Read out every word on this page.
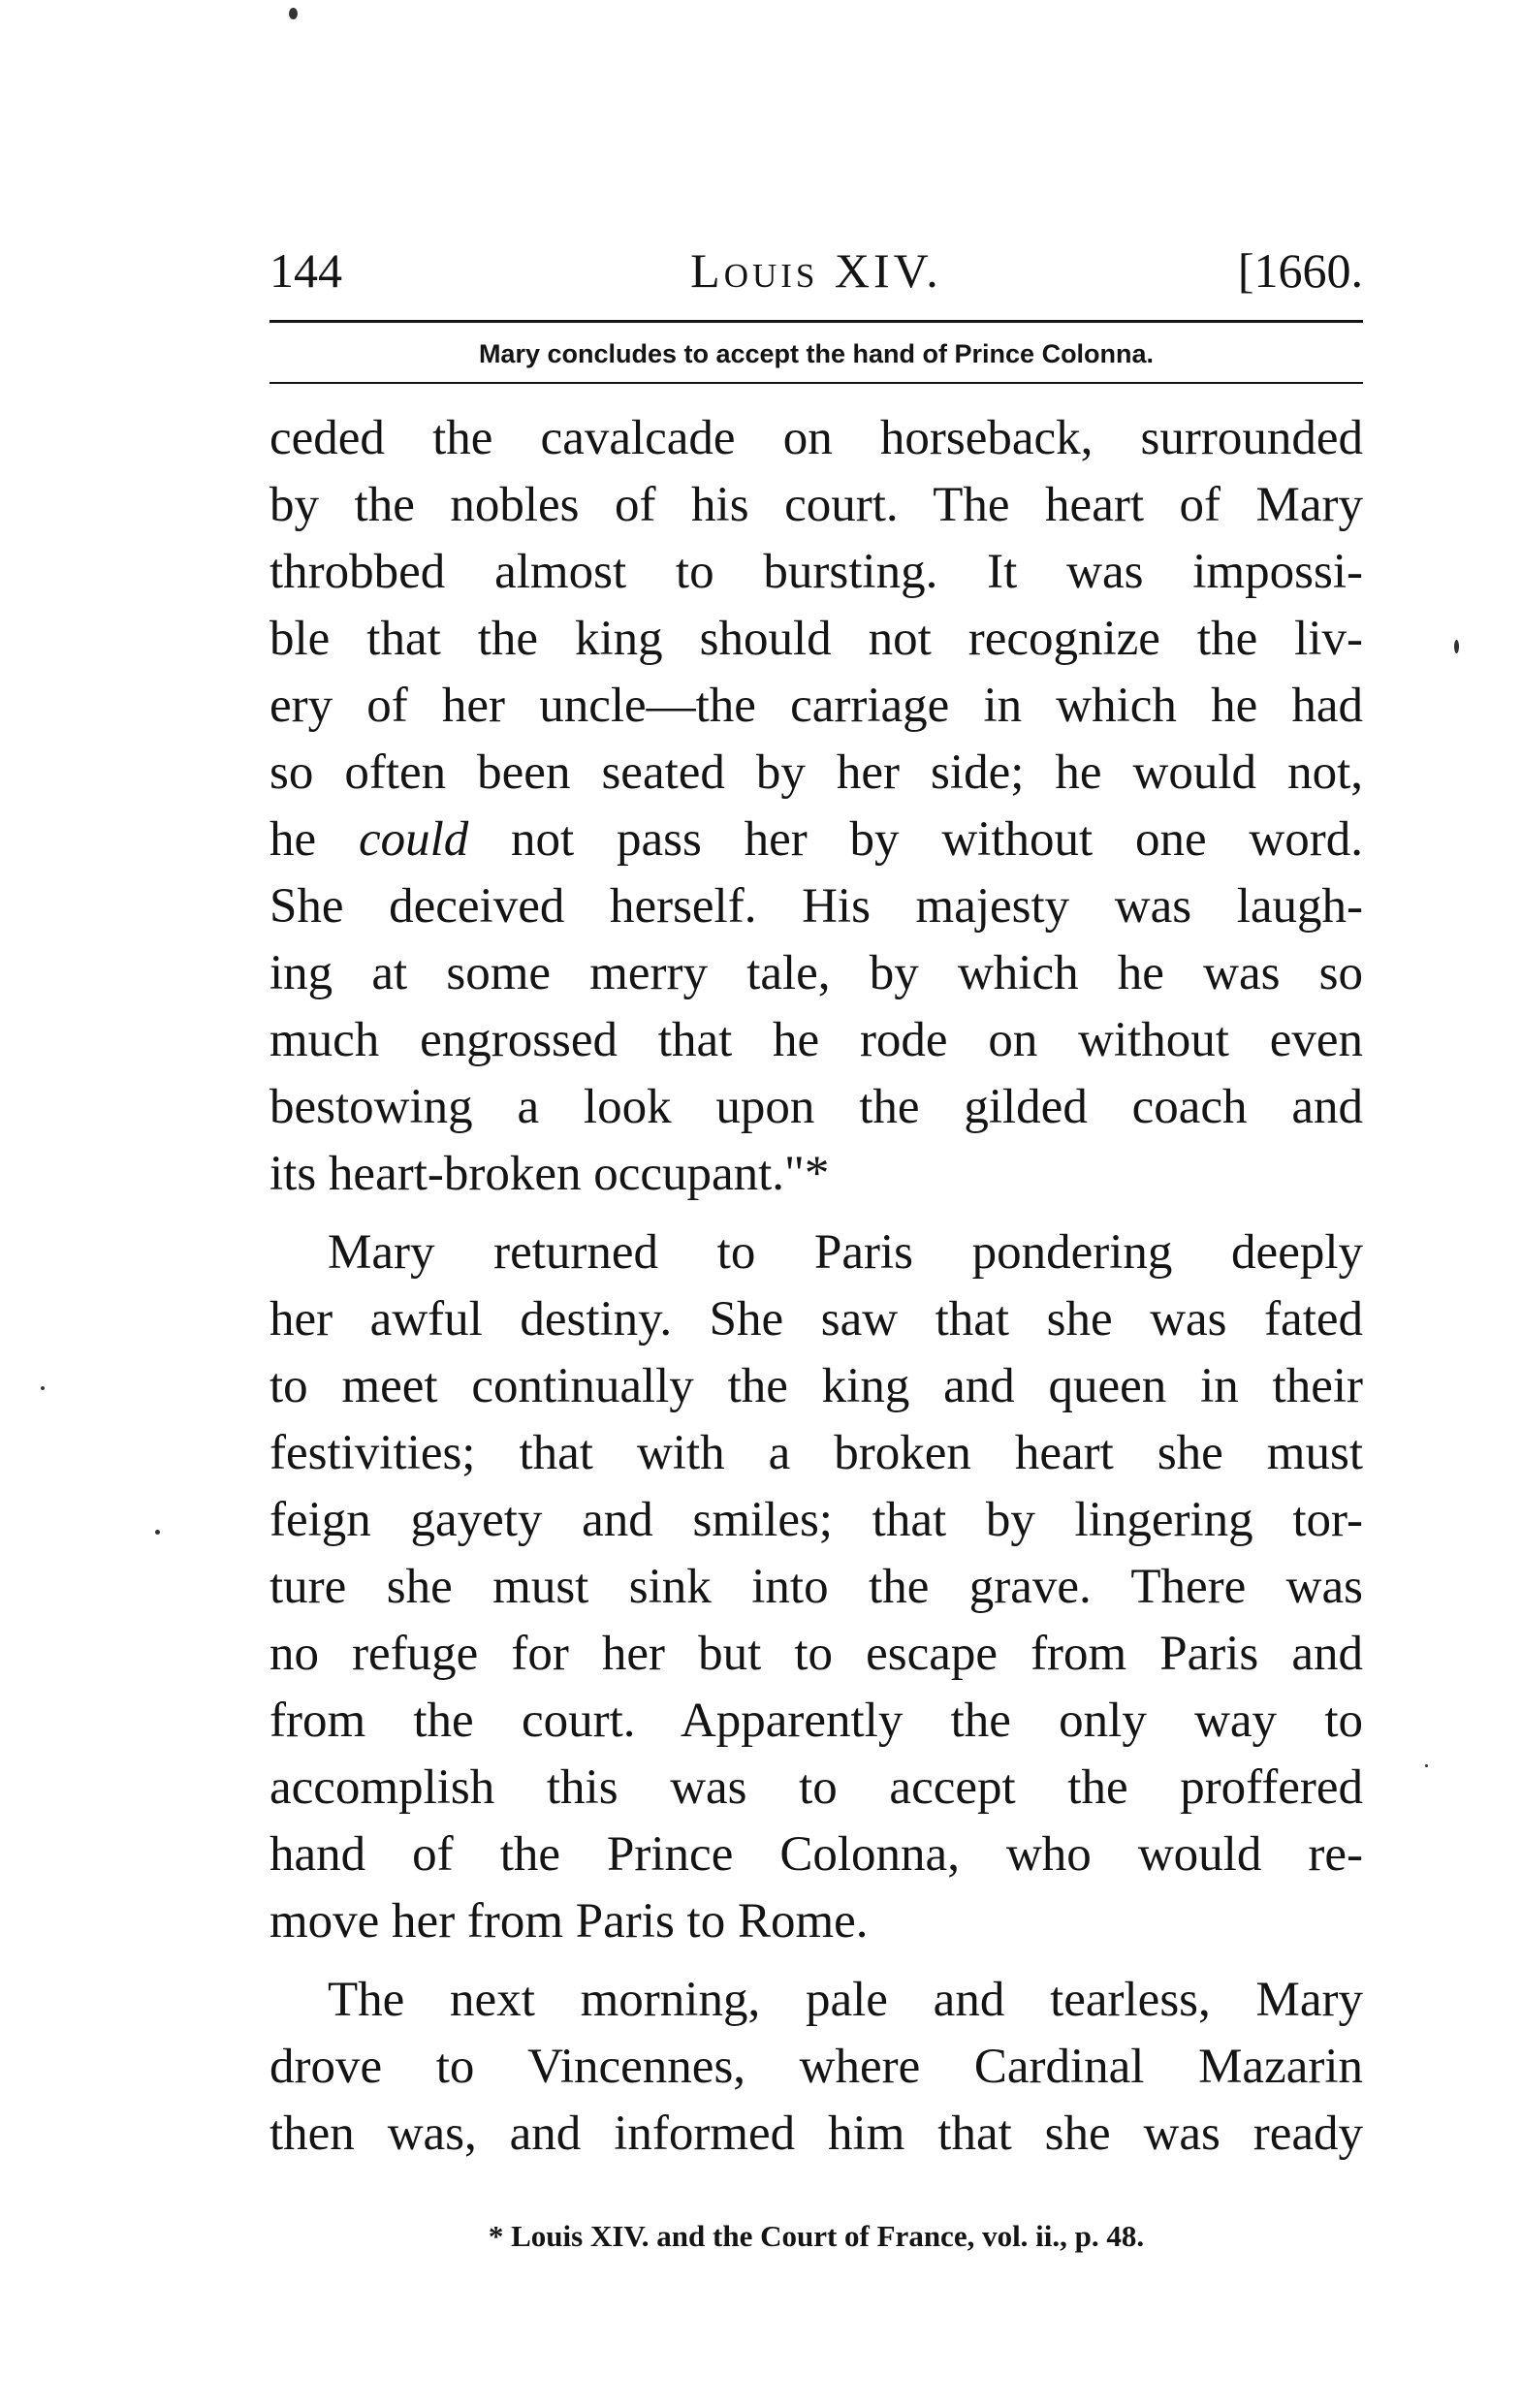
144	Louis XIV.	[1660.
Mary concludes to accept the hand of Prince Colonna.
ceded the cavalcade on horseback, surrounded
by the nobles of his court. The heart of Mary
throbbed almost to bursting. It was impossi-
ble that the king should not recognize the liv-
ery of her uncle—the carriage in which he had
so often been seated by her side; he would not,
he could not pass her by without one word.
She deceived herself. His majesty was laugh-
ing at some merry tale, by which he was so
much engrossed that he rode on without even
bestowing a look upon the gilded coach and
its heart-broken occupant."*
Mary returned to Paris pondering deeply
her awful destiny. She saw that she was fated
to meet continually the king and queen in their
festivities; that with a broken heart she must
feign gayety and smiles; that by lingering tor-
ture she must sink into the grave. There was
no refuge for her but to escape from Paris and
from the court. Apparently the only way to
accomplish this was to accept the proffered
hand of the Prince Colonna, who would re-
move her from Paris to Rome.
The next morning, pale and tearless, Mary
drove to Vincennes, where Cardinal Mazarin
then was, and informed him that she was ready
* Louis XIV. and the Court of France, vol. ii., p. 48.
